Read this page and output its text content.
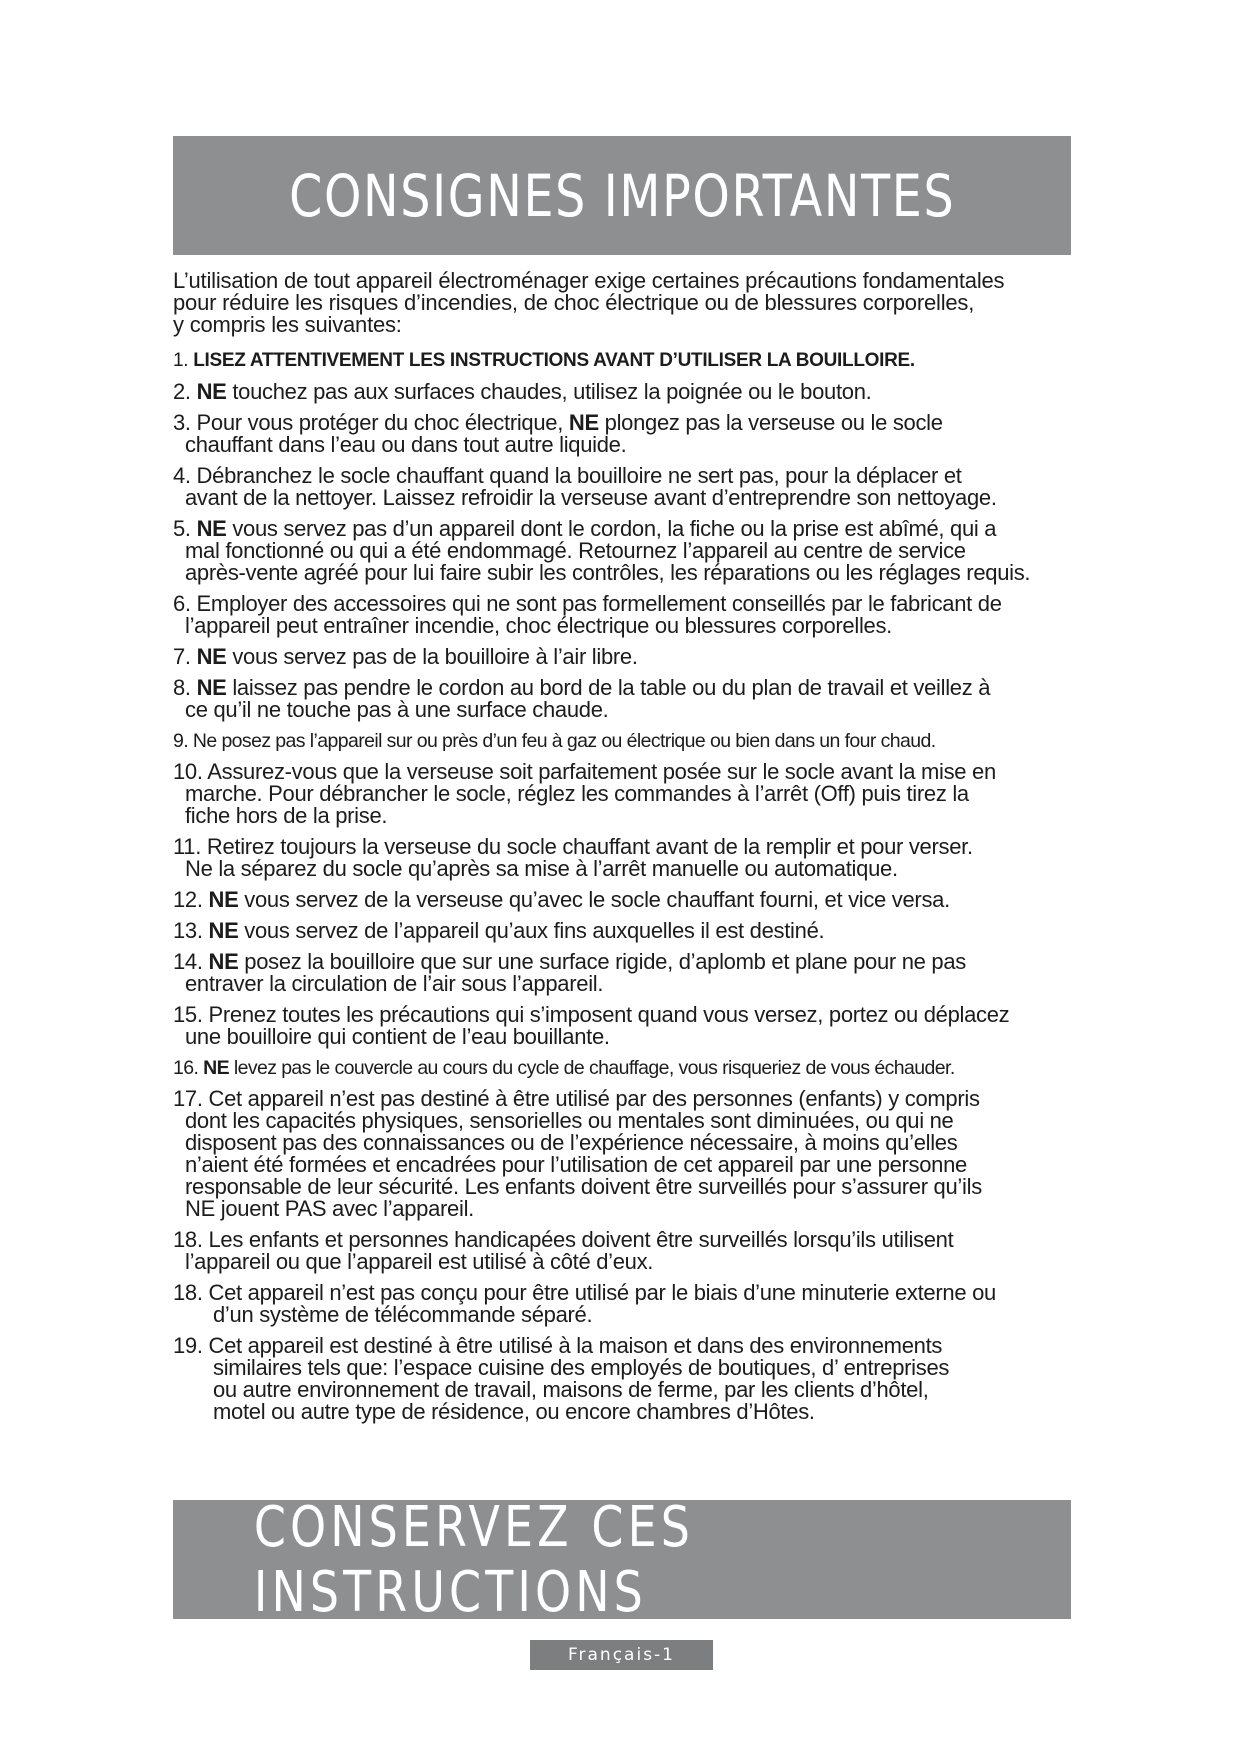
CONSIGNES IMPORTANTES
L’utilisation de tout appareil électroménager exige certaines précautions fondamentales
pour réduire les risques d’incendies, de choc électrique ou de blessures corporelles,
y compris les suivantes:
1. LISEZ ATTENTIVEMENT LES INSTRUCTIONS AVANT D’UTILISER LA BOUILLOIRE.
2. NE touchez pas aux surfaces chaudes, utilisez la poignée ou le bouton.
3. Pour vous protéger du choc électrique, NE plongez pas la verseuse ou le socle
chauffant dans l’eau ou dans tout autre liquide.
4. Débranchez le socle chauffant quand la bouilloire ne sert pas, pour la déplacer et
avant de la nettoyer. Laissez refroidir la verseuse avant d’entreprendre son nettoyage.
5. NE vous servez pas d’un appareil dont le cordon, la fiche ou la prise est abîmé, qui a
mal fonctionné ou qui a été endommagé. Retournez l’appareil au centre de service
après-vente agréé pour lui faire subir les contrôles, les réparations ou les réglages requis.
6. Employer des accessoires qui ne sont pas formellement conseillés par le fabricant de
l’appareil peut entraîner incendie, choc électrique ou blessures corporelles.
7. NE vous servez pas de la bouilloire à l’air libre.
8. NE laissez pas pendre le cordon au bord de la table ou du plan de travail et veillez à
ce qu’il ne touche pas à une surface chaude.
9. Ne posez pas l’appareil sur ou près d’un feu à gaz ou électrique ou bien dans un four chaud.
10. Assurez-vous que la verseuse soit parfaitement posée sur le socle avant la mise en
marche. Pour débrancher le socle, réglez les commandes à l’arrêt (Off) puis tirez la
fiche hors de la prise.
11. Retirez toujours la verseuse du socle chauffant avant de la remplir et pour verser.
Ne la séparez du socle qu’après sa mise à l’arrêt manuelle ou automatique.
12. NE vous servez de la verseuse qu’avec le socle chauffant fourni, et vice versa.
13. NE vous servez de l’appareil qu’aux fins auxquelles il est destiné.
14. NE posez la bouilloire que sur une surface rigide, d’aplomb et plane pour ne pas
entraver la circulation de l’air sous l’appareil.
15. Prenez toutes les précautions qui s’imposent quand vous versez, portez ou déplacez
une bouilloire qui contient de l’eau bouillante.
16. NE levez pas le couvercle au cours du cycle de chauffage, vous risqueriez de vous échauder.
17. Cet appareil n’est pas destiné à être utilisé par des personnes (enfants) y compris
dont les capacités physiques, sensorielles ou mentales sont diminuées, ou qui ne
disposent pas des connaissances ou de l’expérience nécessaire, à moins qu’elles
n’aient été formées et encadrées pour l’utilisation de cet appareil par une personne
responsable de leur sécurité. Les enfants doivent être surveillés pour s’assurer qu’ils
NE jouent PAS avec l’appareil.
18. Les enfants et personnes handicapées doivent être surveillés lorsqu’ils utilisent
l’appareil ou que l’appareil est utilisé à côté d’eux.
18. Cet appareil n’est pas conçu pour être utilisé par le biais d’une minuterie externe ou
d’un système de télécommande séparé.
19. Cet appareil est destiné à être utilisé à la maison et dans des environnements
similaires tels que: l’espace cuisine des employés de boutiques, d’ entreprises
ou autre environnement de travail, maisons de ferme, par les clients d’hôtel,
motel ou autre type de résidence, ou encore chambres d’Hôtes.
CONSERVEZ CES INSTRUCTIONS
Français-1
